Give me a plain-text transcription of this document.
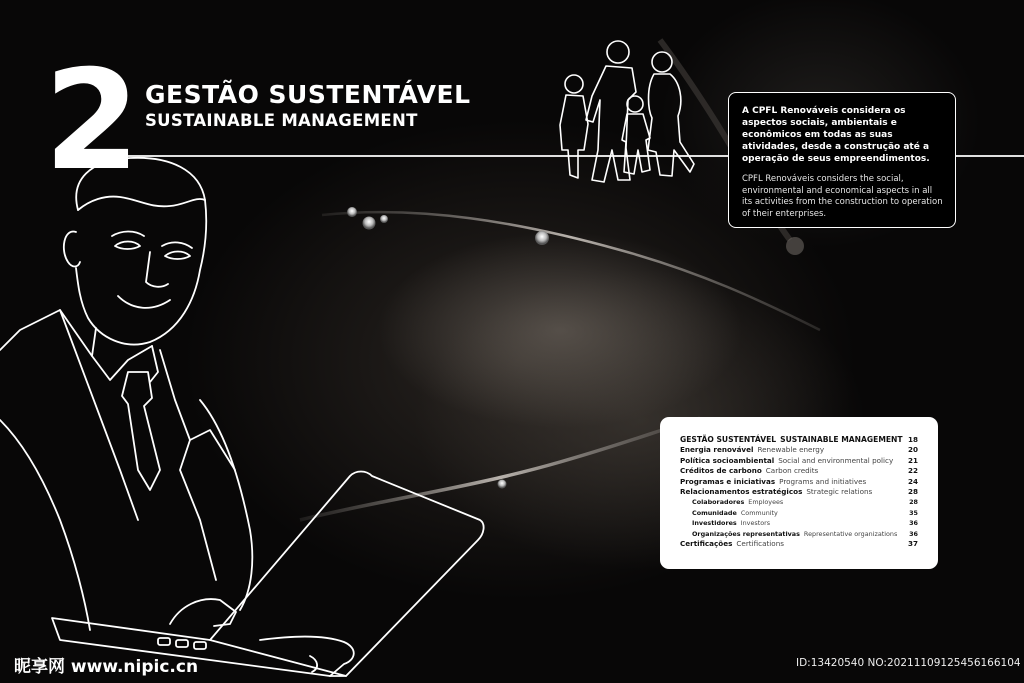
2 GESTÃO SUSTENTÁVEL
SUSTAINABLE MANAGEMENT	A CPFL Renováveis considera os aspectos sociais, ambientais e econômicos em todas as suas atividades, desde a construção até a operação de seus empreendimentos.

CPFL Renováveis considers the social, environmental and economical aspects in all its activities from the construction to operation of their enterprises.

GESTÃO SUSTENTÁVEL SUSTAINABLE MANAGEMENT 18
Energia renovável Renewable energy	20
Política socioambiental Social and environmental policy	21
Créditos de carbono Carbon credits	22
Programas e iniciativas Programs and initiatives	24
Relacionamentos estratégicos Strategic relations	28
Colaboradores Employees	28
Comunidade Community	35
Investidores Investors	36
Organizações representativas Representative organizations	36
Certificações Certifications	37
昵享网 www.nipic.cn	ID:13420540 NO:20211109125456166104
